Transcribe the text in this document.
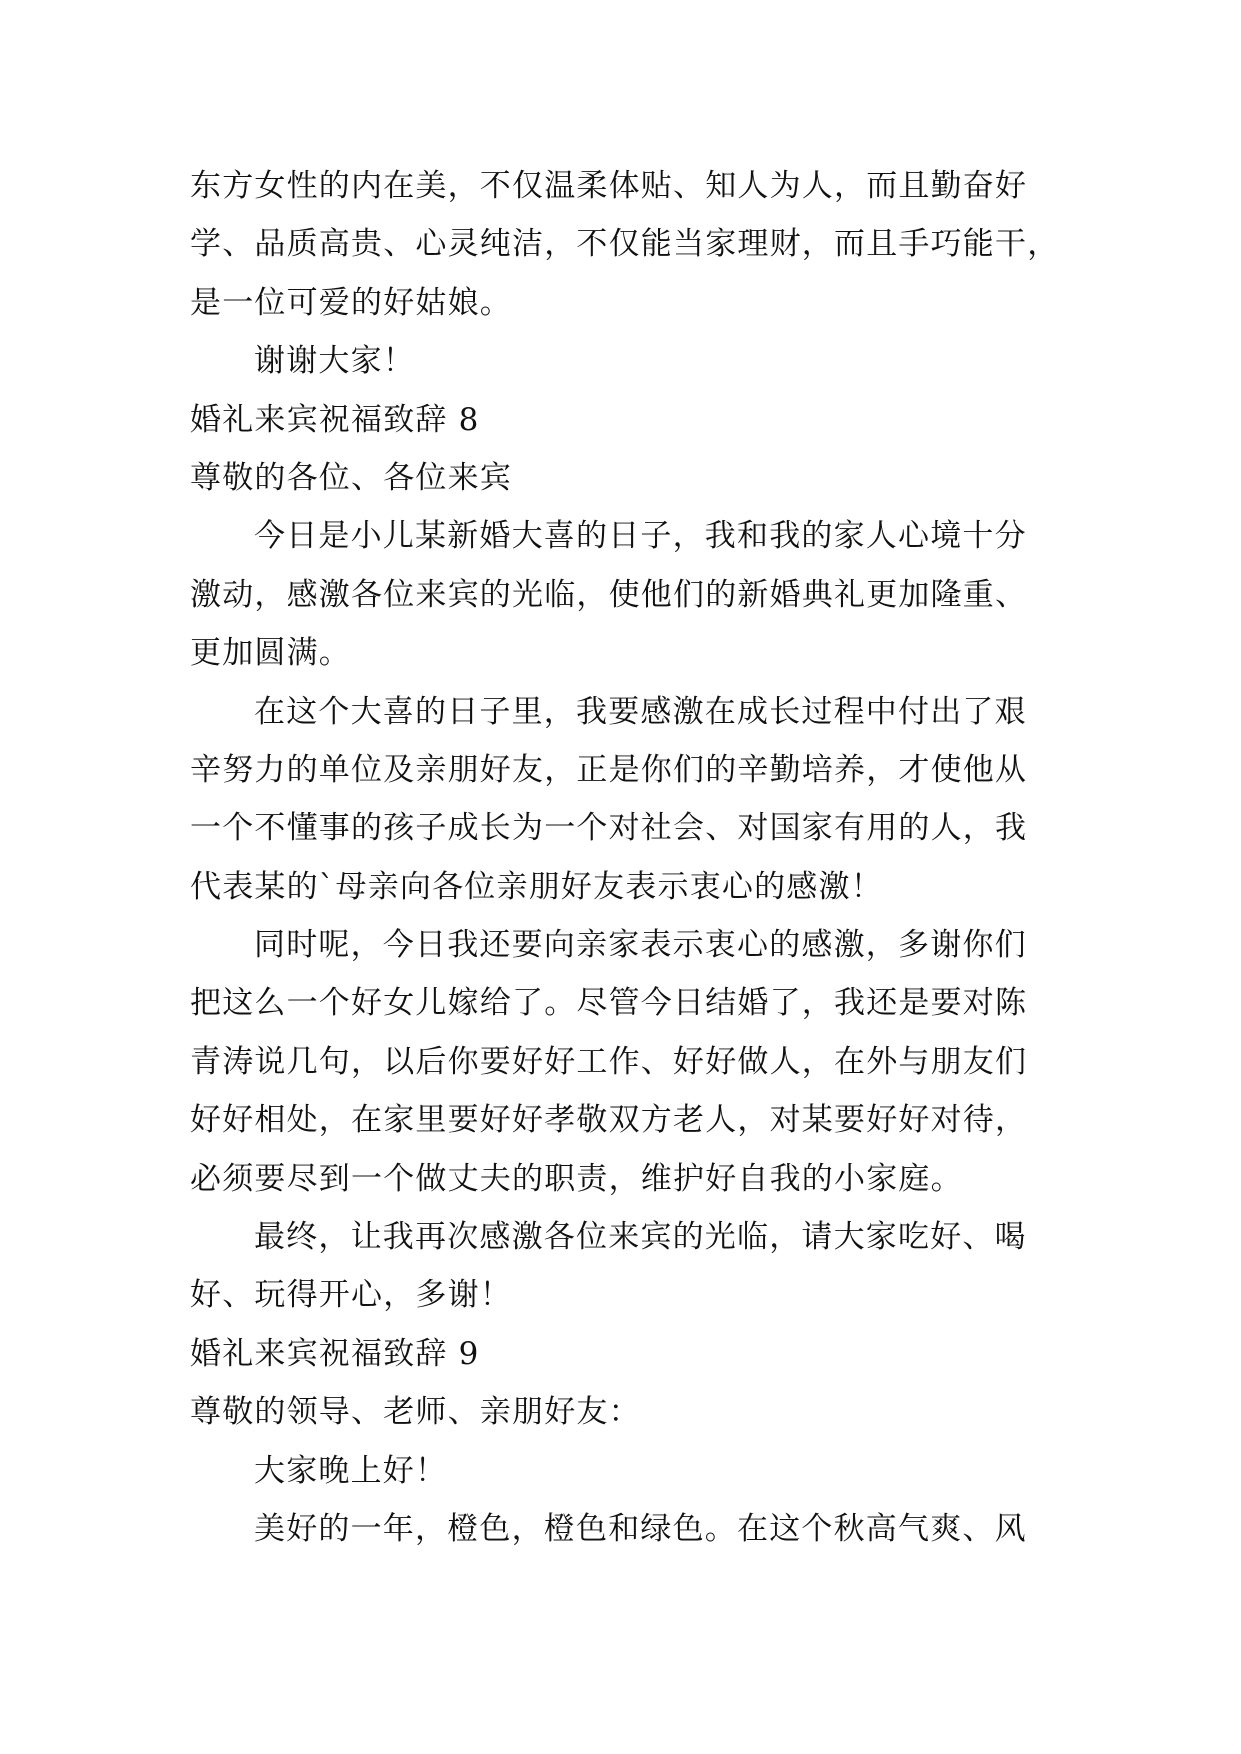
东方女性的内在美，不仅温柔体贴、知人为人，而且勤奋好
学、品质高贵、心灵纯洁，不仅能当家理财，而且手巧能干，
是一位可爱的好姑娘。
谢谢大家！
婚礼来宾祝福致辞 8
尊敬的各位、各位来宾
今日是小儿某新婚大喜的日子，我和我的家人心境十分
激动，感激各位来宾的光临，使他们的新婚典礼更加隆重、
更加圆满。
在这个大喜的日子里，我要感激在成长过程中付出了艰
辛努力的单位及亲朋好友，正是你们的辛勤培养，才使他从
一个不懂事的孩子成长为一个对社会、对国家有用的人，我
代表某的`母亲向各位亲朋好友表示衷心的感激！
同时呢，今日我还要向亲家表示衷心的感激，多谢你们
把这么一个好女儿嫁给了。尽管今日结婚了，我还是要对陈
青涛说几句，以后你要好好工作、好好做人，在外与朋友们
好好相处，在家里要好好孝敬双方老人，对某要好好对待，
必须要尽到一个做丈夫的职责，维护好自我的小家庭。
最终，让我再次感激各位来宾的光临，请大家吃好、喝
好、玩得开心，多谢！
婚礼来宾祝福致辞 9
尊敬的领导、老师、亲朋好友：
大家晚上好！
美好的一年，橙色，橙色和绿色。在这个秋高气爽、风
